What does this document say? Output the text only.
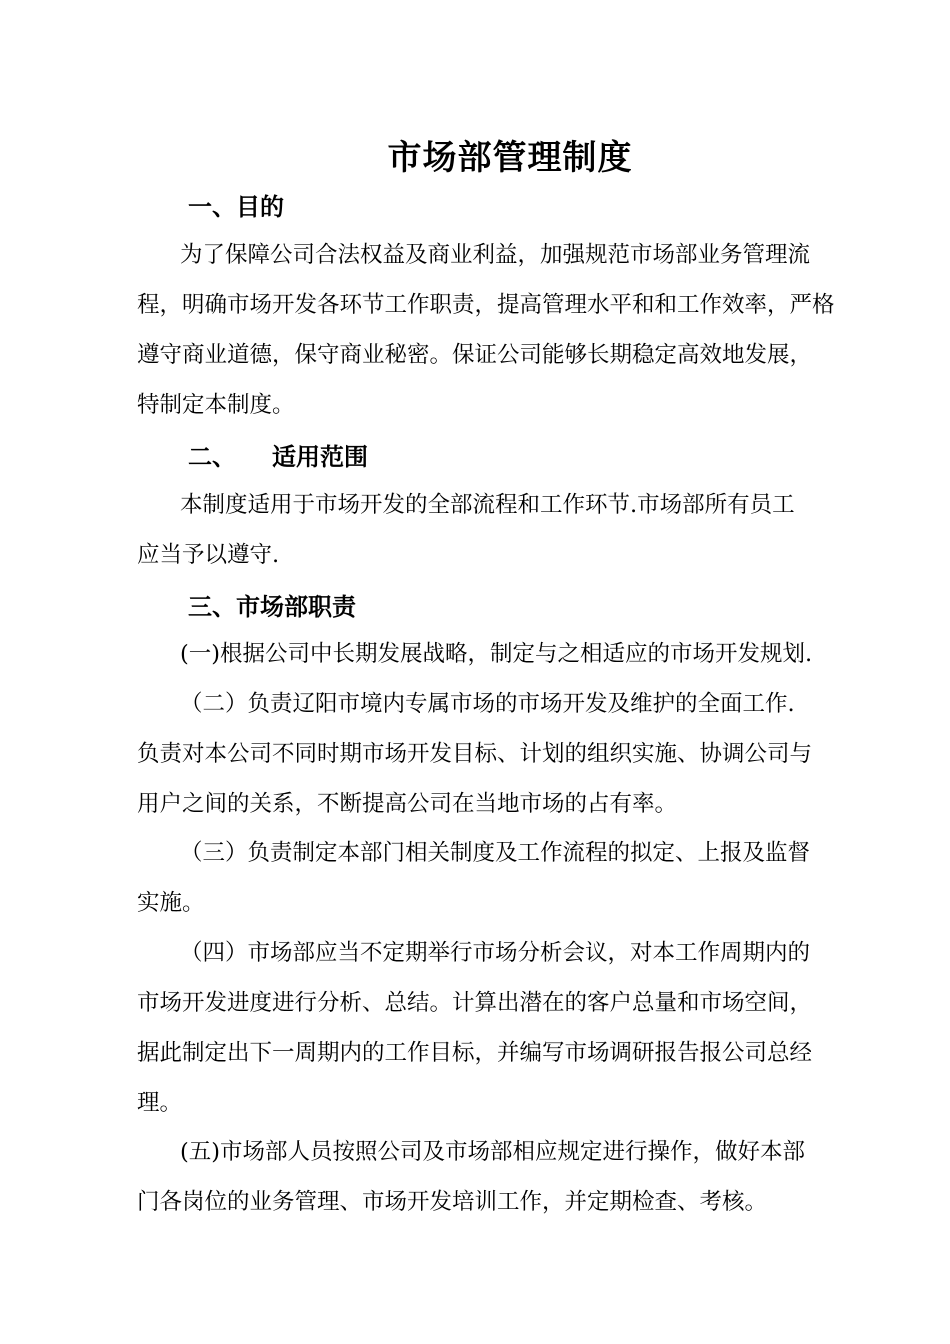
市场部管理制度
一、目的
为了保障公司合法权益及商业利益，加强规范市场部业务管理流
程，明确市场开发各环节工作职责，提高管理水平和和工作效率，严格
遵守商业道德，保守商业秘密。保证公司能够长期稳定高效地发展，
特制定本制度。
二、 适用范围
本制度适用于市场开发的全部流程和工作环节.市场部所有员工
应当予以遵守.
三、市场部职责
(一)根据公司中长期发展战略，制定与之相适应的市场开发规划.
（二）负责辽阳市境内专属市场的市场开发及维护的全面工作.
负责对本公司不同时期市场开发目标、计划的组织实施、协调公司与
用户之间的关系，不断提高公司在当地市场的占有率。
（三）负责制定本部门相关制度及工作流程的拟定、上报及监督
实施。
（四）市场部应当不定期举行市场分析会议，对本工作周期内的
市场开发进度进行分析、总结。计算出潜在的客户总量和市场空间，
据此制定出下一周期内的工作目标，并编写市场调研报告报公司总经
理。
(五)市场部人员按照公司及市场部相应规定进行操作，做好本部
门各岗位的业务管理、市场开发培训工作，并定期检查、考核。
